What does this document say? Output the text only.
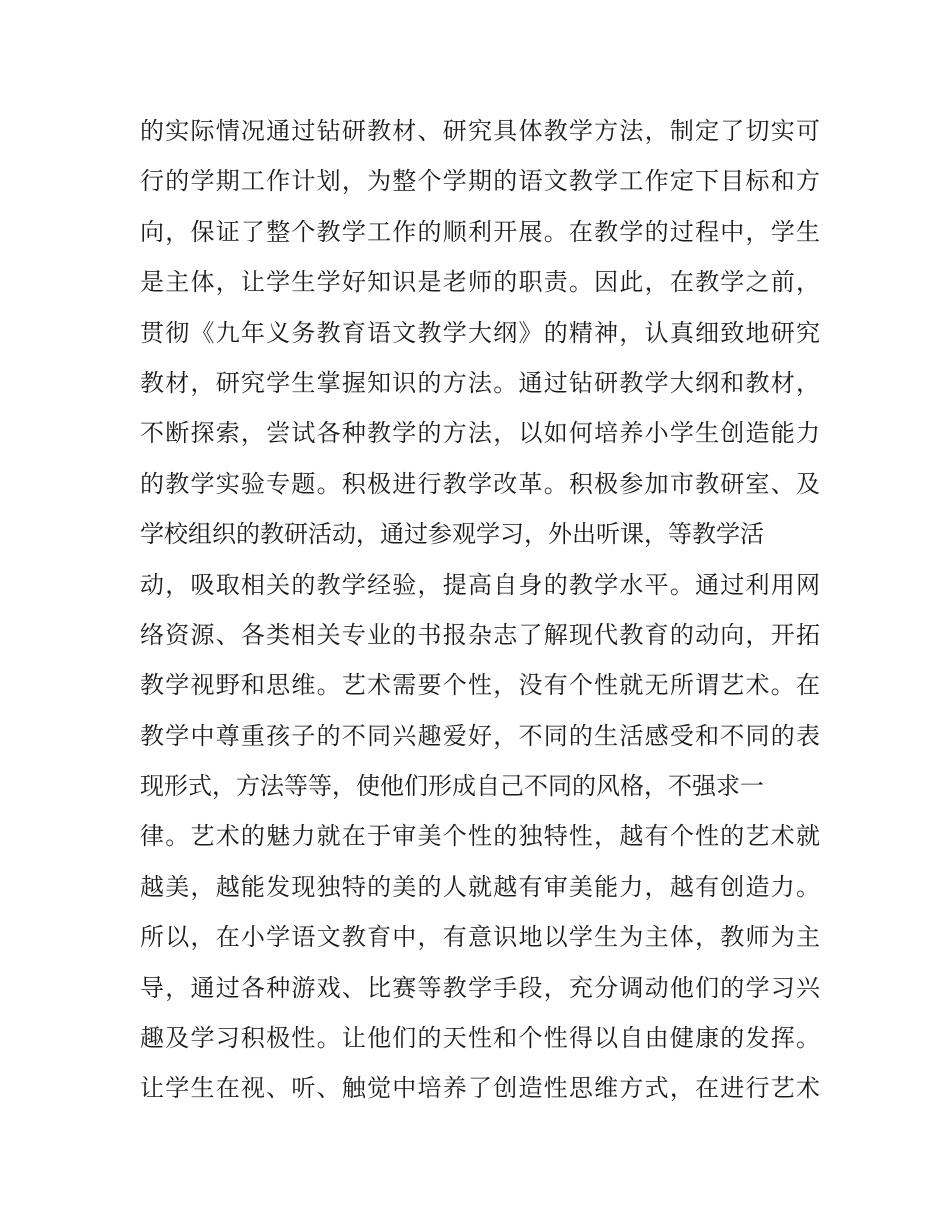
的实际情况通过钻研教材、研究具体教学方法，制定了切实可
行的学期工作计划，为整个学期的语文教学工作定下目标和方
向，保证了整个教学工作的顺利开展。在教学的过程中，学生
是主体，让学生学好知识是老师的职责。因此，在教学之前，
贯彻《九年义务教育语文教学大纲》的精神，认真细致地研究
教材，研究学生掌握知识的方法。通过钻研教学大纲和教材，
不断探索，尝试各种教学的方法，以如何培养小学生创造能力
的教学实验专题。积极进行教学改革。积极参加市教研室、及
学校组织的教研活动，通过参观学习，外出听课，等教学活
动，吸取相关的教学经验，提高自身的教学水平。通过利用网
络资源、各类相关专业的书报杂志了解现代教育的动向，开拓
教学视野和思维。艺术需要个性，没有个性就无所谓艺术。在
教学中尊重孩子的不同兴趣爱好，不同的生活感受和不同的表
现形式，方法等等，使他们形成自己不同的风格，不强求一
律。艺术的魅力就在于审美个性的独特性，越有个性的艺术就
越美，越能发现独特的美的人就越有审美能力，越有创造力。
所以，在小学语文教育中，有意识地以学生为主体，教师为主
导，通过各种游戏、比赛等教学手段，充分调动他们的学习兴
趣及学习积极性。让他们的天性和个性得以自由健康的发挥。
让学生在视、听、触觉中培养了创造性思维方式，在进行艺术
